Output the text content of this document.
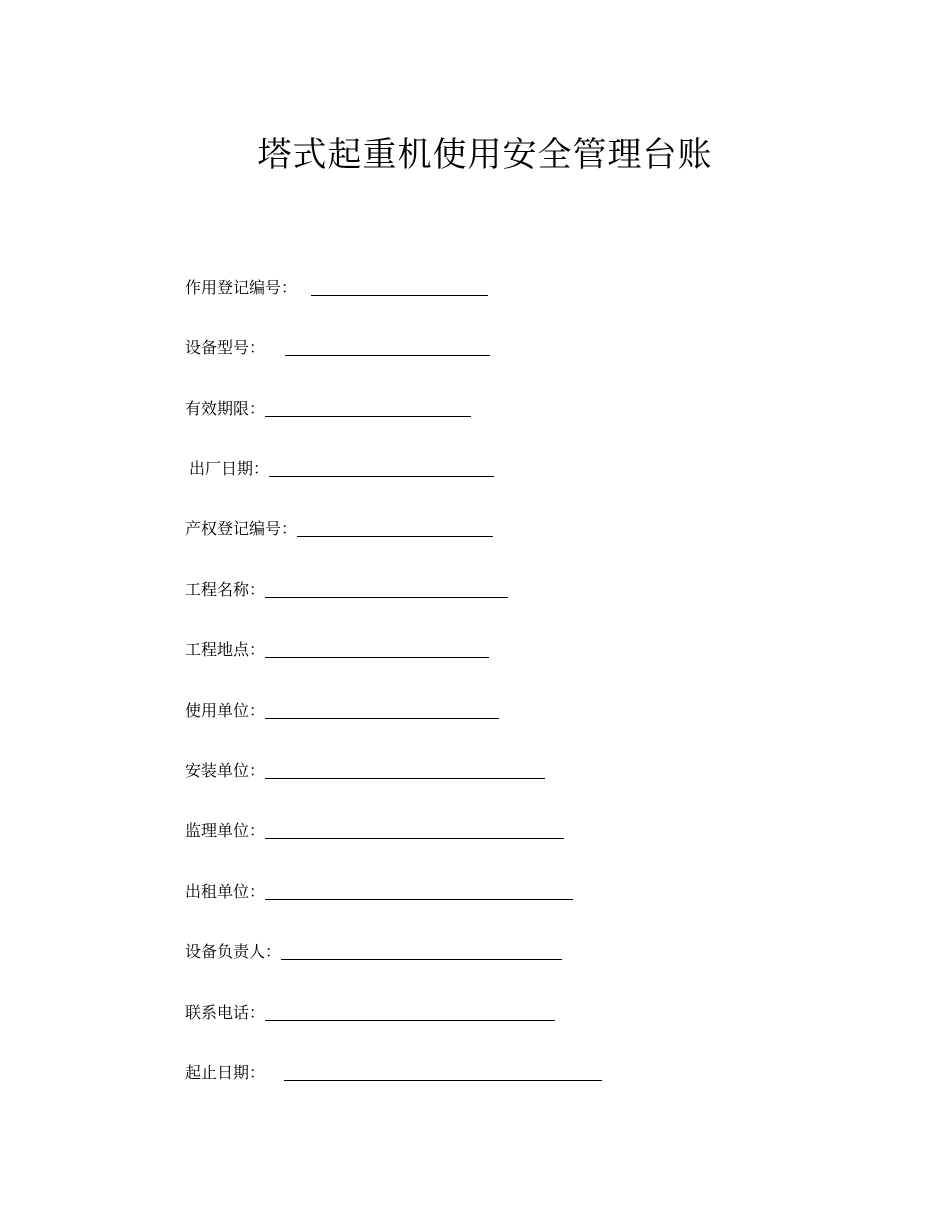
塔式起重机使用安全管理台账
作用登记编号：
设备型号：
有效期限：
出厂日期：
产权登记编号：
工程名称：
工程地点：
使用单位：
安装单位：
监理单位：
出租单位：
设备负责人：
联系电话：
起止日期：
